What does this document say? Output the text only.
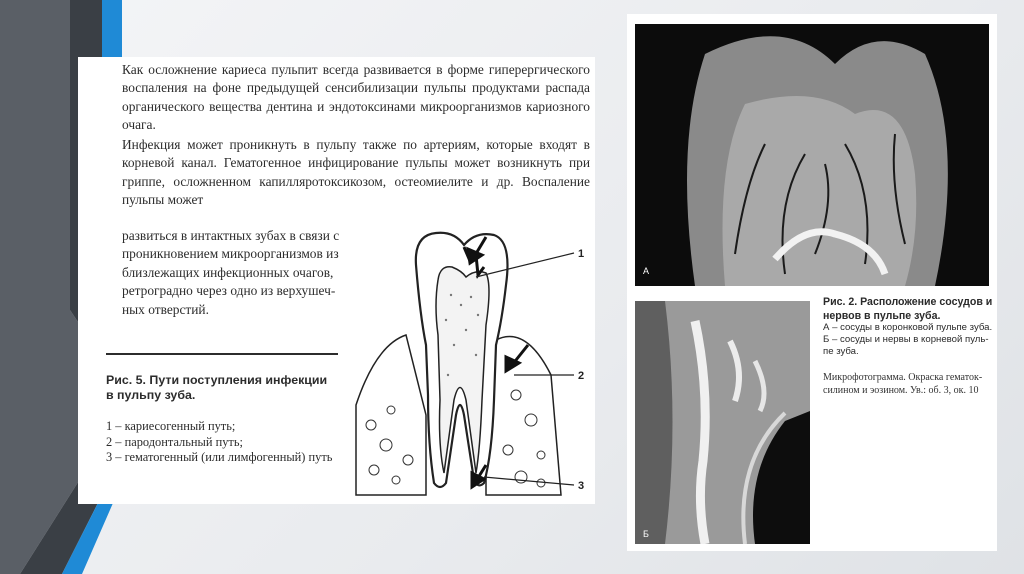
Как осложнение кариеса пульпит всегда развивается в форме гиперергического воспаления на фоне предыдущей сенсибилизации пульпы продуктами распада органического вещества дентина и эндотоксинами микроорганизмов кариозного очага.

Инфекция может проникнуть в пульпу также по артериям, которые входят в корневой канал. Гематогенное инфицирование пульпы может возникнуть при гриппе, осложненном капилляротоксикозом, остеомиелите и др. Воспаление пульпы может

развиться в интактных зубах в связи с проникновением микроорганизмов из близлежащих инфекционных очагов, ретроградно через одно из верхушечных отверстий.

Рис. 5. Пути поступления инфекции в пульпу зуба.
1 – кариесогенный путь;
2 – пародонтальный путь;
3 – гематогенный (или лимфогенный) путь
1
2
3
А
Б
Рис. 2. Расположение сосудов и нервов в пульпе зуба.

А – сосуды в коронковой пульпе зуба.

Б – сосуды и нервы в корневой пульпе зуба.

Микрофотограмма. Окраска гематоксилином и эозином. Ув.: об. 3, ок. 10
